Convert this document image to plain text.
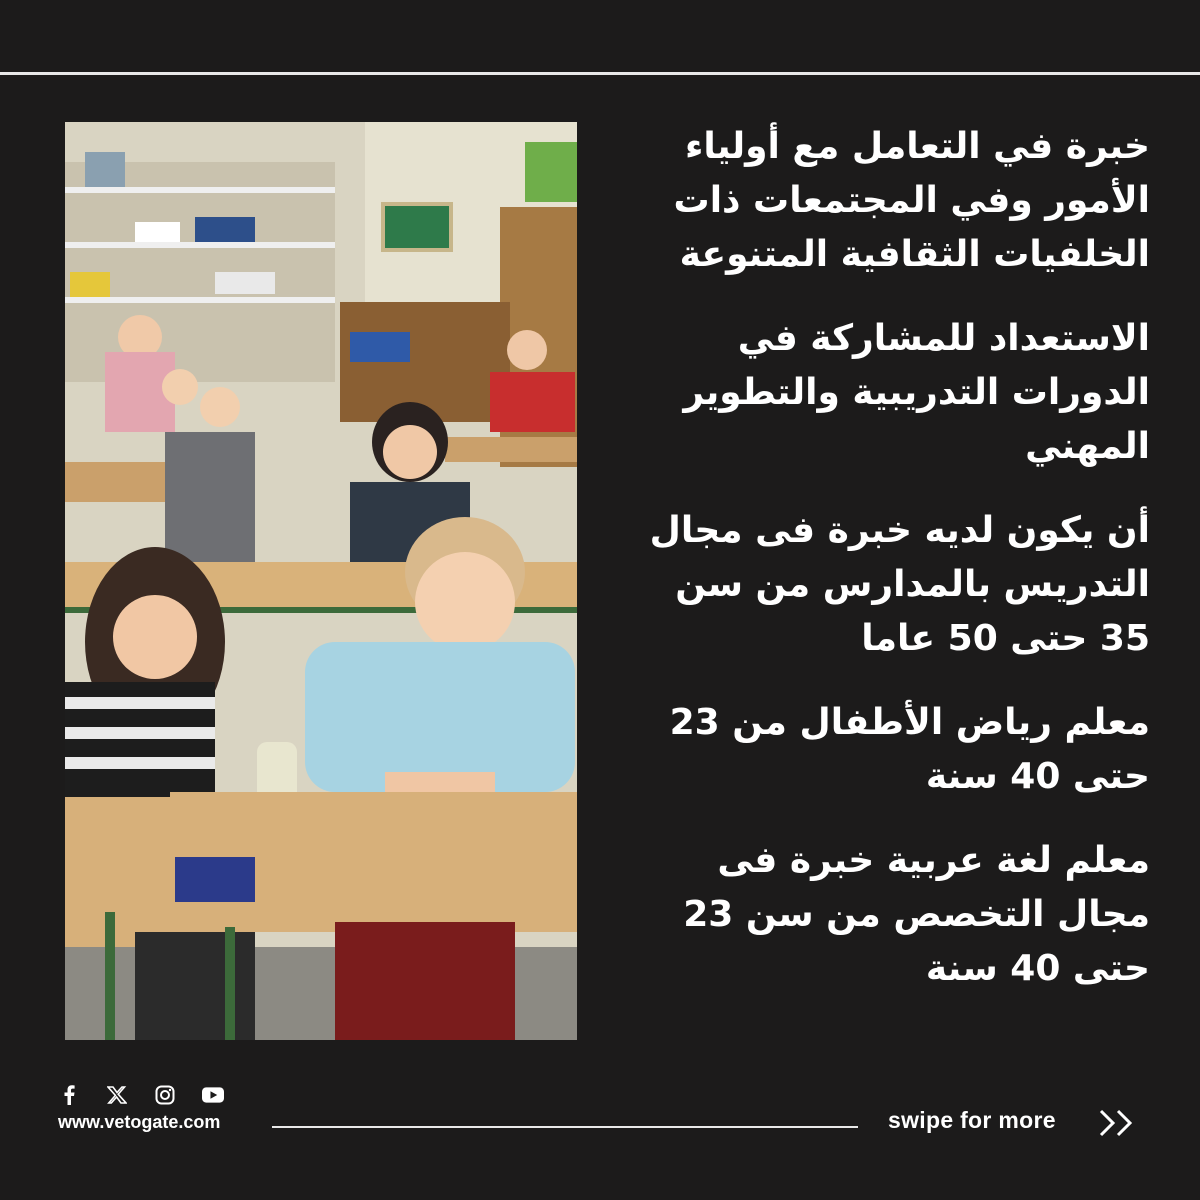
خبرة في التعامل مع أولياء الأمور وفي المجتمعات ذات الخلفيات الثقافية المتنوعة

الاستعداد للمشاركة في الدورات التدريبية والتطوير المهني

أن يكون لديه خبرة فى مجال التدريس بالمدارس من سن 35 حتى 50 عاما

معلم رياض الأطفال من 23 حتى 40 سنة

معلم لغة عربية خبرة فى مجال التخصص من سن 23 حتى 40 سنة

www.vetogate.com	swipe for more
